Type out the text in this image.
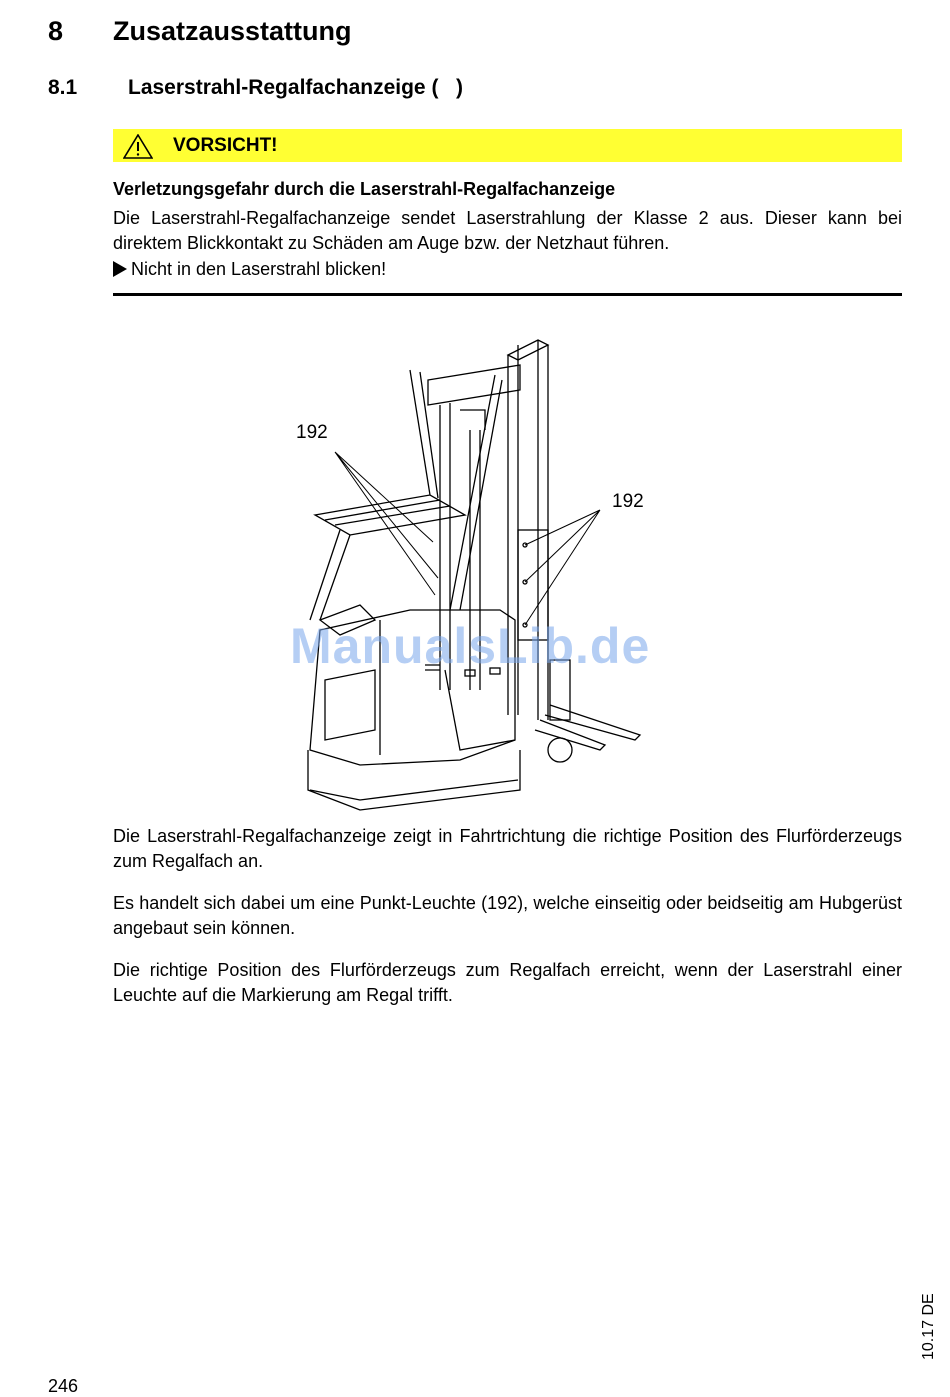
8 Zusatzausstattung
8.1 Laserstrahl-Regalfachanzeige (   )
VORSICHT!
Verletzungsgefahr durch die Laserstrahl-Regalfachanzeige
Die Laserstrahl-Regalfachanzeige sendet Laserstrahlung der Klasse 2 aus. Dieser kann bei direktem Blickkontakt zu Schäden am Auge bzw. der Netzhaut führen.
Nicht in den Laserstrahl blicken!
192
192
ManualsLib.de
Die Laserstrahl-Regalfachanzeige zeigt in Fahrtrichtung die richtige Position des Flurförderzeugs zum Regalfach an.
Es handelt sich dabei um eine Punkt-Leuchte (192), welche einseitig oder beidseitig am Hubgerüst angebaut sein können.
Die richtige Position des Flurförderzeugs zum Regalfach erreicht, wenn der Laserstrahl einer Leuchte auf die Markierung am Regal trifft.
10.17 DE
246
